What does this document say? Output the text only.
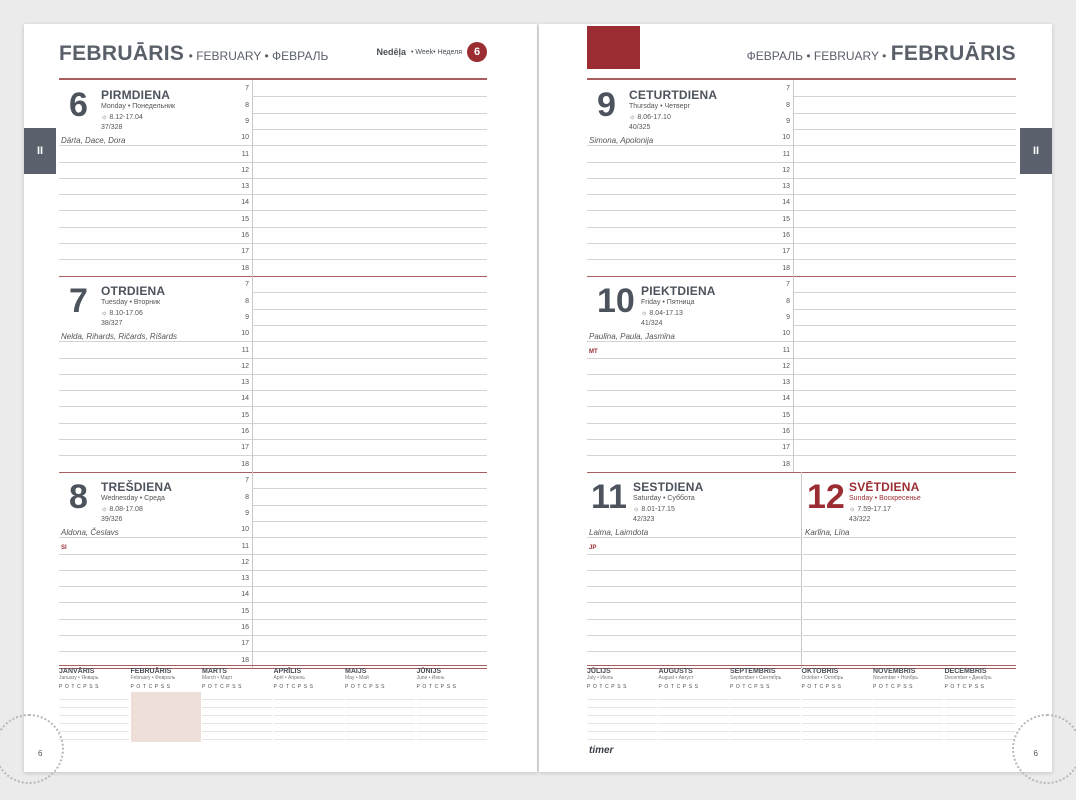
FEBRUĀRIS • FEBRUARY • ФЕВРАЛЬ	Nedēļa • Week• Неделя	6
II
6 PIRMDIENA
Monday • Понедельник
☼ 8.12-17.04
37/328
Dārta, Dace, Dora
7
8
9
10
11
12
13
14
15
16
17
18
7 OTRDIENA
Tuesday • Вторник
☼ 8.10-17.06
38/327
Nelda, Rihards, Ričards, Rišards
7
8
9
10
11
12
13
14
15
16
17
18
8 TREŠDIENA
Wednesday • Среда
☼ 8.08-17.08
39/326
Aldona, Česlavs
SI
7
8
9
10
11
12
13
14
15
16
17
18
JANVĀRIS
January • Январь
PОТСРSS
FEBRUĀRIS
February • Февраль
PОТСРSS
MARTS
March • Март
PОТСРSS
APRĪLIS
April • Апрель
PОТСРSS
MAIJS
May • Май
PОТСРSS
JŪNIJS
June • Июнь
PОТСРSS
6
ФЕВРАЛЬ • FEBRUARY • FEBRUĀRIS
II
9 CETURTDIENA
Thursday • Четверг
☼ 8.06-17.10
40/325
Simona, Apolonija
7
8
9
10
11
12
13
14
15
16
17
18
10 PIEKTDIENA
Friday • Пятница
☼ 8.04-17.13
41/324
Paulīna, Paula, Jasmīna
MT
7
8
9
10
11
12
13
14
15
16
17
18
11 SESTDIENA
Saturday • Суббота
☼ 8.01-17.15
42/323
Laima, Laimdota
JP
12 SVĒTDIENA
Sunday • Воскресенье
☼ 7.59-17.17
43/322
Karlīna, Līna
JŪLIJS
July • Июль
PОТСРSS
AUGUSTS
August • Август
PОТСРSS
SEPTEMBRIS
September • Сентябрь
PОТСРSS
OKTOBRIS
October • Октябрь
PОТСРSS
NOVEMBRIS
November • Ноябрь
PОТСРSS
DECEMBRIS
December • Декабрь
PОТСРSS
timer	6
